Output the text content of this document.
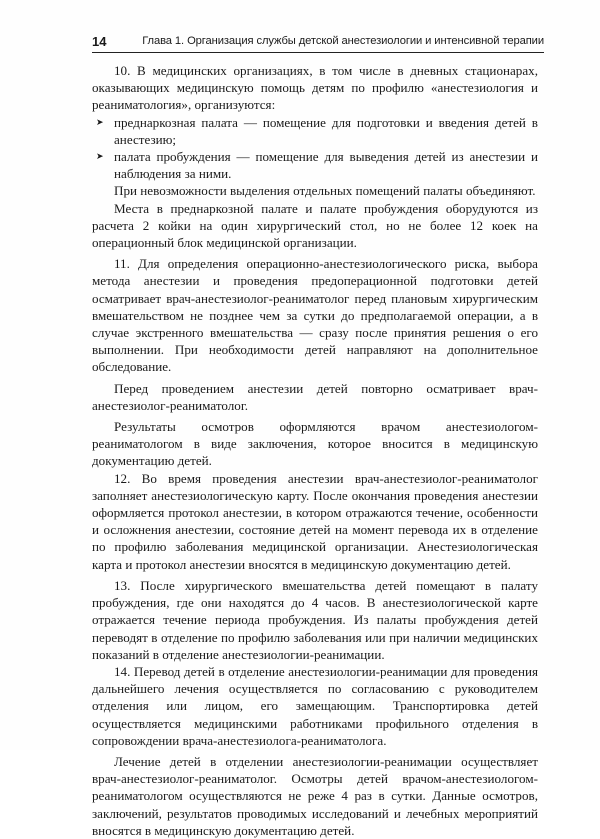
14	Глава 1. Организация службы детской анестезиологии и интенсивной терапии

10. В медицинских организациях, в том числе в дневных стационарах, оказывающих медицинскую помощь детям по профилю «анестезиология и реаниматология», организуются:

➤ преднаркозная палата — помещение для подготовки и введения детей в анестезию;
➤ палата пробуждения — помещение для выведения детей из анестезии и наблюдения за ними.

При невозможности выделения отдельных помещений палаты объединяют.

Места в преднаркозной палате и палате пробуждения оборудуются из расчета 2 койки на один хирургический стол, но не более 12 коек на операционный блок медицинской организации.

11. Для определения операционно-анестезиологического риска, выбора метода анестезии и проведения предоперационной подготовки детей осматривает врач-анестезиолог-реаниматолог перед плановым хирургическим вмешательством не позднее чем за сутки до предполагаемой операции, а в случае экстренного вмешательства — сразу после принятия решения о его выполнении. При необходимости детей направляют на дополнительное обследование.

Перед проведением анестезии детей повторно осматривает врач-анестезиолог-реаниматолог.

Результаты осмотров оформляются врачом анестезиологом-реаниматологом в виде заключения, которое вносится в медицинскую документацию детей.

12. Во время проведения анестезии врач-анестезиолог-реаниматолог заполняет анестезиологическую карту. После окончания проведения анестезии оформляется протокол анестезии, в котором отражаются течение, особенности и осложнения анестезии, состояние детей на момент перевода их в отделение по профилю заболевания медицинской организации. Анестезиологическая карта и протокол анестезии вносятся в медицинскую документацию детей.

13. После хирургического вмешательства детей помещают в палату пробуждения, где они находятся до 4 часов. В анестезиологической карте отражается течение периода пробуждения. Из палаты пробуждения детей переводят в отделение по профилю заболевания или при наличии медицинских показаний в отделение анестезиологии-реанимации.

14. Перевод детей в отделение анестезиологии-реанимации для проведения дальнейшего лечения осуществляется по согласованию с руководителем отделения или лицом, его замещающим. Транспортировка детей осуществляется медицинскими работниками профильного отделения в сопровождении врача-анестезиолога-реаниматолога.

Лечение детей в отделении анестезиологии-реанимации осуществляет врач-анестезиолог-реаниматолог. Осмотры детей врачом-анестезиологом-реаниматологом осуществляются не реже 4 раз в сутки. Данные осмотров, заключений, результатов проводимых исследований и лечебных мероприятий вносятся в медицинскую документацию детей.
